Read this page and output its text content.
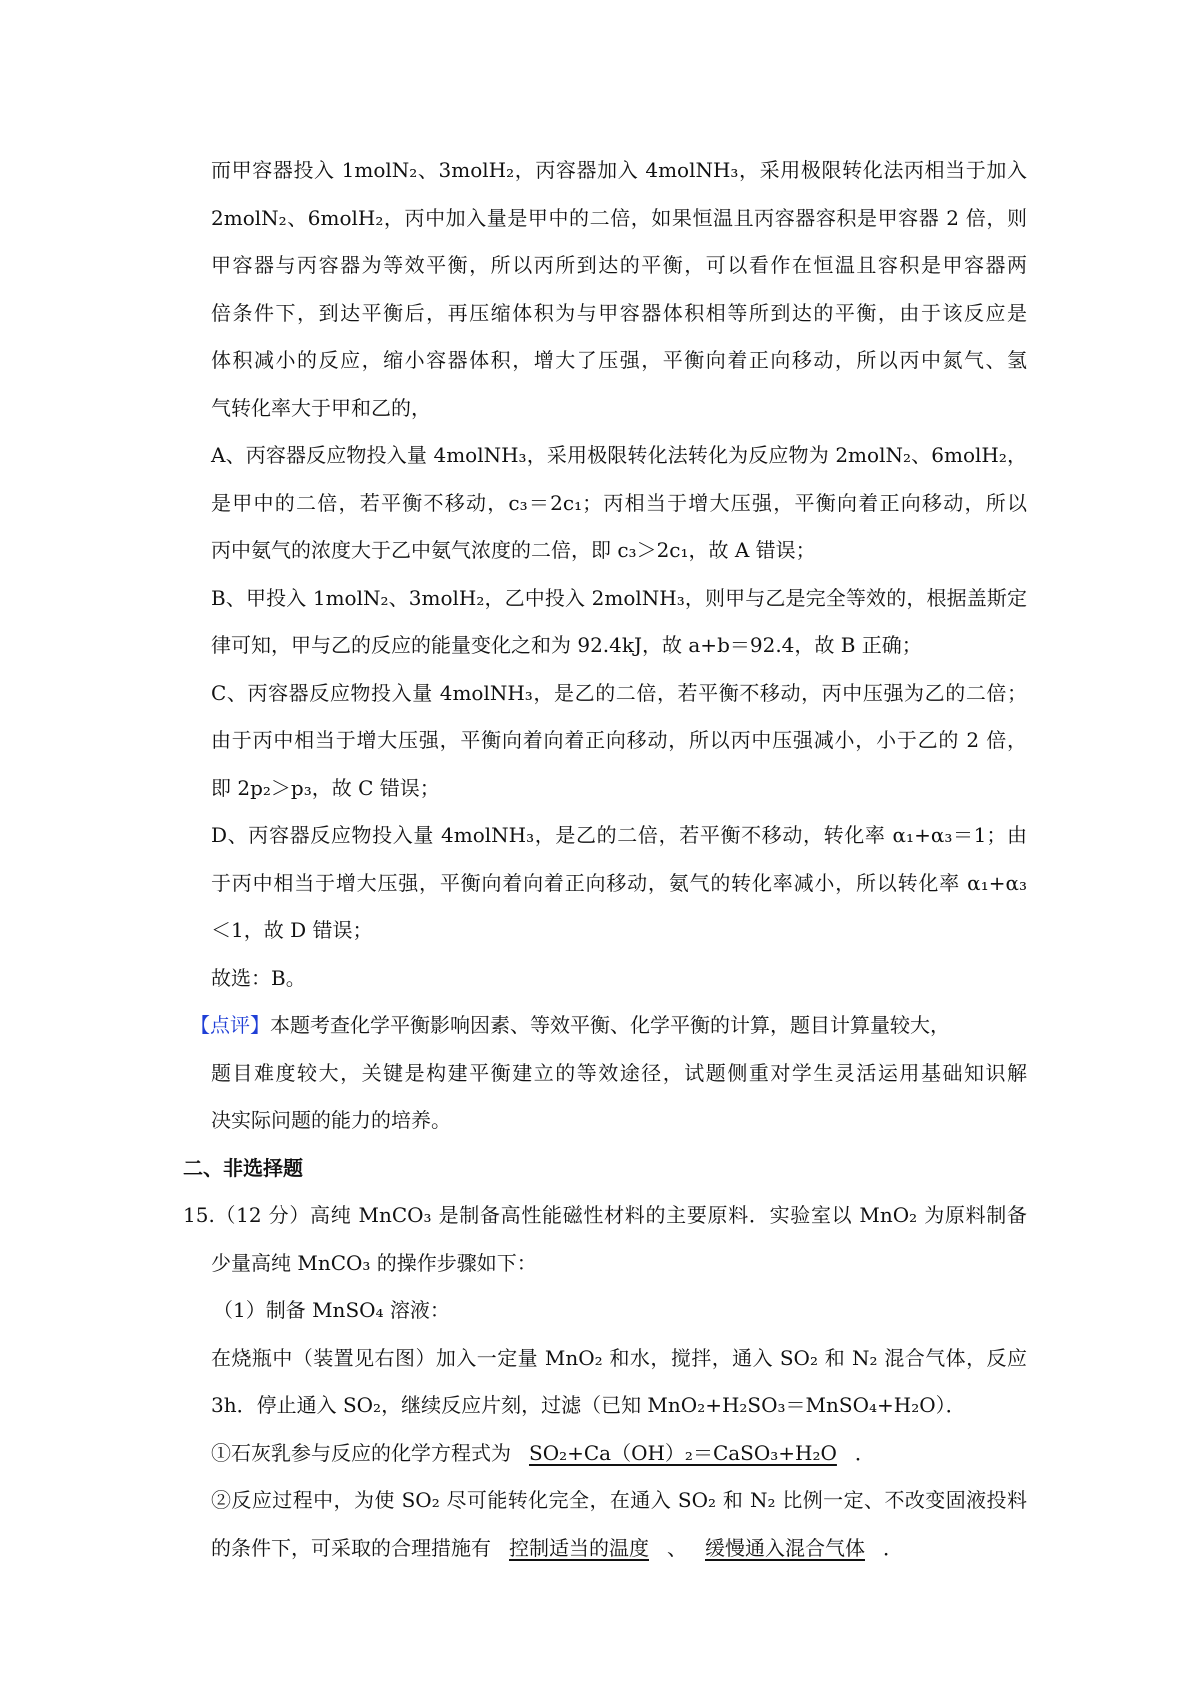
而甲容器投入 1molN₂、3molH₂，丙容器加入 4molNH₃，采用极限转化法丙相当于加入
2molN₂、6molH₂，丙中加入量是甲中的二倍，如果恒温且丙容器容积是甲容器 2 倍，则
甲容器与丙容器为等效平衡，所以丙所到达的平衡，可以看作在恒温且容积是甲容器两
倍条件下，到达平衡后，再压缩体积为与甲容器体积相等所到达的平衡，由于该反应是
体积减小的反应，缩小容器体积，增大了压强，平衡向着正向移动，所以丙中氮气、氢
气转化率大于甲和乙的，
A、丙容器反应物投入量 4molNH₃，采用极限转化法转化为反应物为 2molN₂、6molH₂，
是甲中的二倍，若平衡不移动，c₃＝2c₁；丙相当于增大压强，平衡向着正向移动，所以
丙中氨气的浓度大于乙中氨气浓度的二倍，即 c₃＞2c₁，故 A 错误；
B、甲投入 1molN₂、3molH₂，乙中投入 2molNH₃，则甲与乙是完全等效的，根据盖斯定
律可知，甲与乙的反应的能量变化之和为 92.4kJ，故 a+b＝92.4，故 B 正确；
C、丙容器反应物投入量 4molNH₃，是乙的二倍，若平衡不移动，丙中压强为乙的二倍；
由于丙中相当于增大压强，平衡向着向着正向移动，所以丙中压强减小，小于乙的 2 倍，
即 2p₂＞p₃，故 C 错误；
D、丙容器反应物投入量 4molNH₃，是乙的二倍，若平衡不移动，转化率 α₁+α₃＝1；由
于丙中相当于增大压强，平衡向着向着正向移动，氨气的转化率减小，所以转化率 α₁+α₃
＜1，故 D 错误；
故选：B。
【点评】本题考查化学平衡影响因素、等效平衡、化学平衡的计算，题目计算量较大，
题目难度较大，关键是构建平衡建立的等效途径，试题侧重对学生灵活运用基础知识解
决实际问题的能力的培养。
二、非选择题
15.（12 分）高纯 MnCO₃ 是制备高性能磁性材料的主要原料．实验室以 MnO₂ 为原料制备
少量高纯 MnCO₃ 的操作步骤如下：
（1）制备 MnSO₄ 溶液：
在烧瓶中（装置见右图）加入一定量 MnO₂ 和水，搅拌，通入 SO₂ 和 N₂ 混合气体，反应
3h．停止通入 SO₂，继续反应片刻，过滤（已知 MnO₂+H₂SO₃＝MnSO₄+H₂O）．
①石灰乳参与反应的化学方程式为 SO₂+Ca（OH）₂＝CaSO₃+H₂O ．
②反应过程中，为使 SO₂ 尽可能转化完全，在通入 SO₂ 和 N₂ 比例一定、不改变固液投料
的条件下，可采取的合理措施有 控制适当的温度 、 缓慢通入混合气体 ．
